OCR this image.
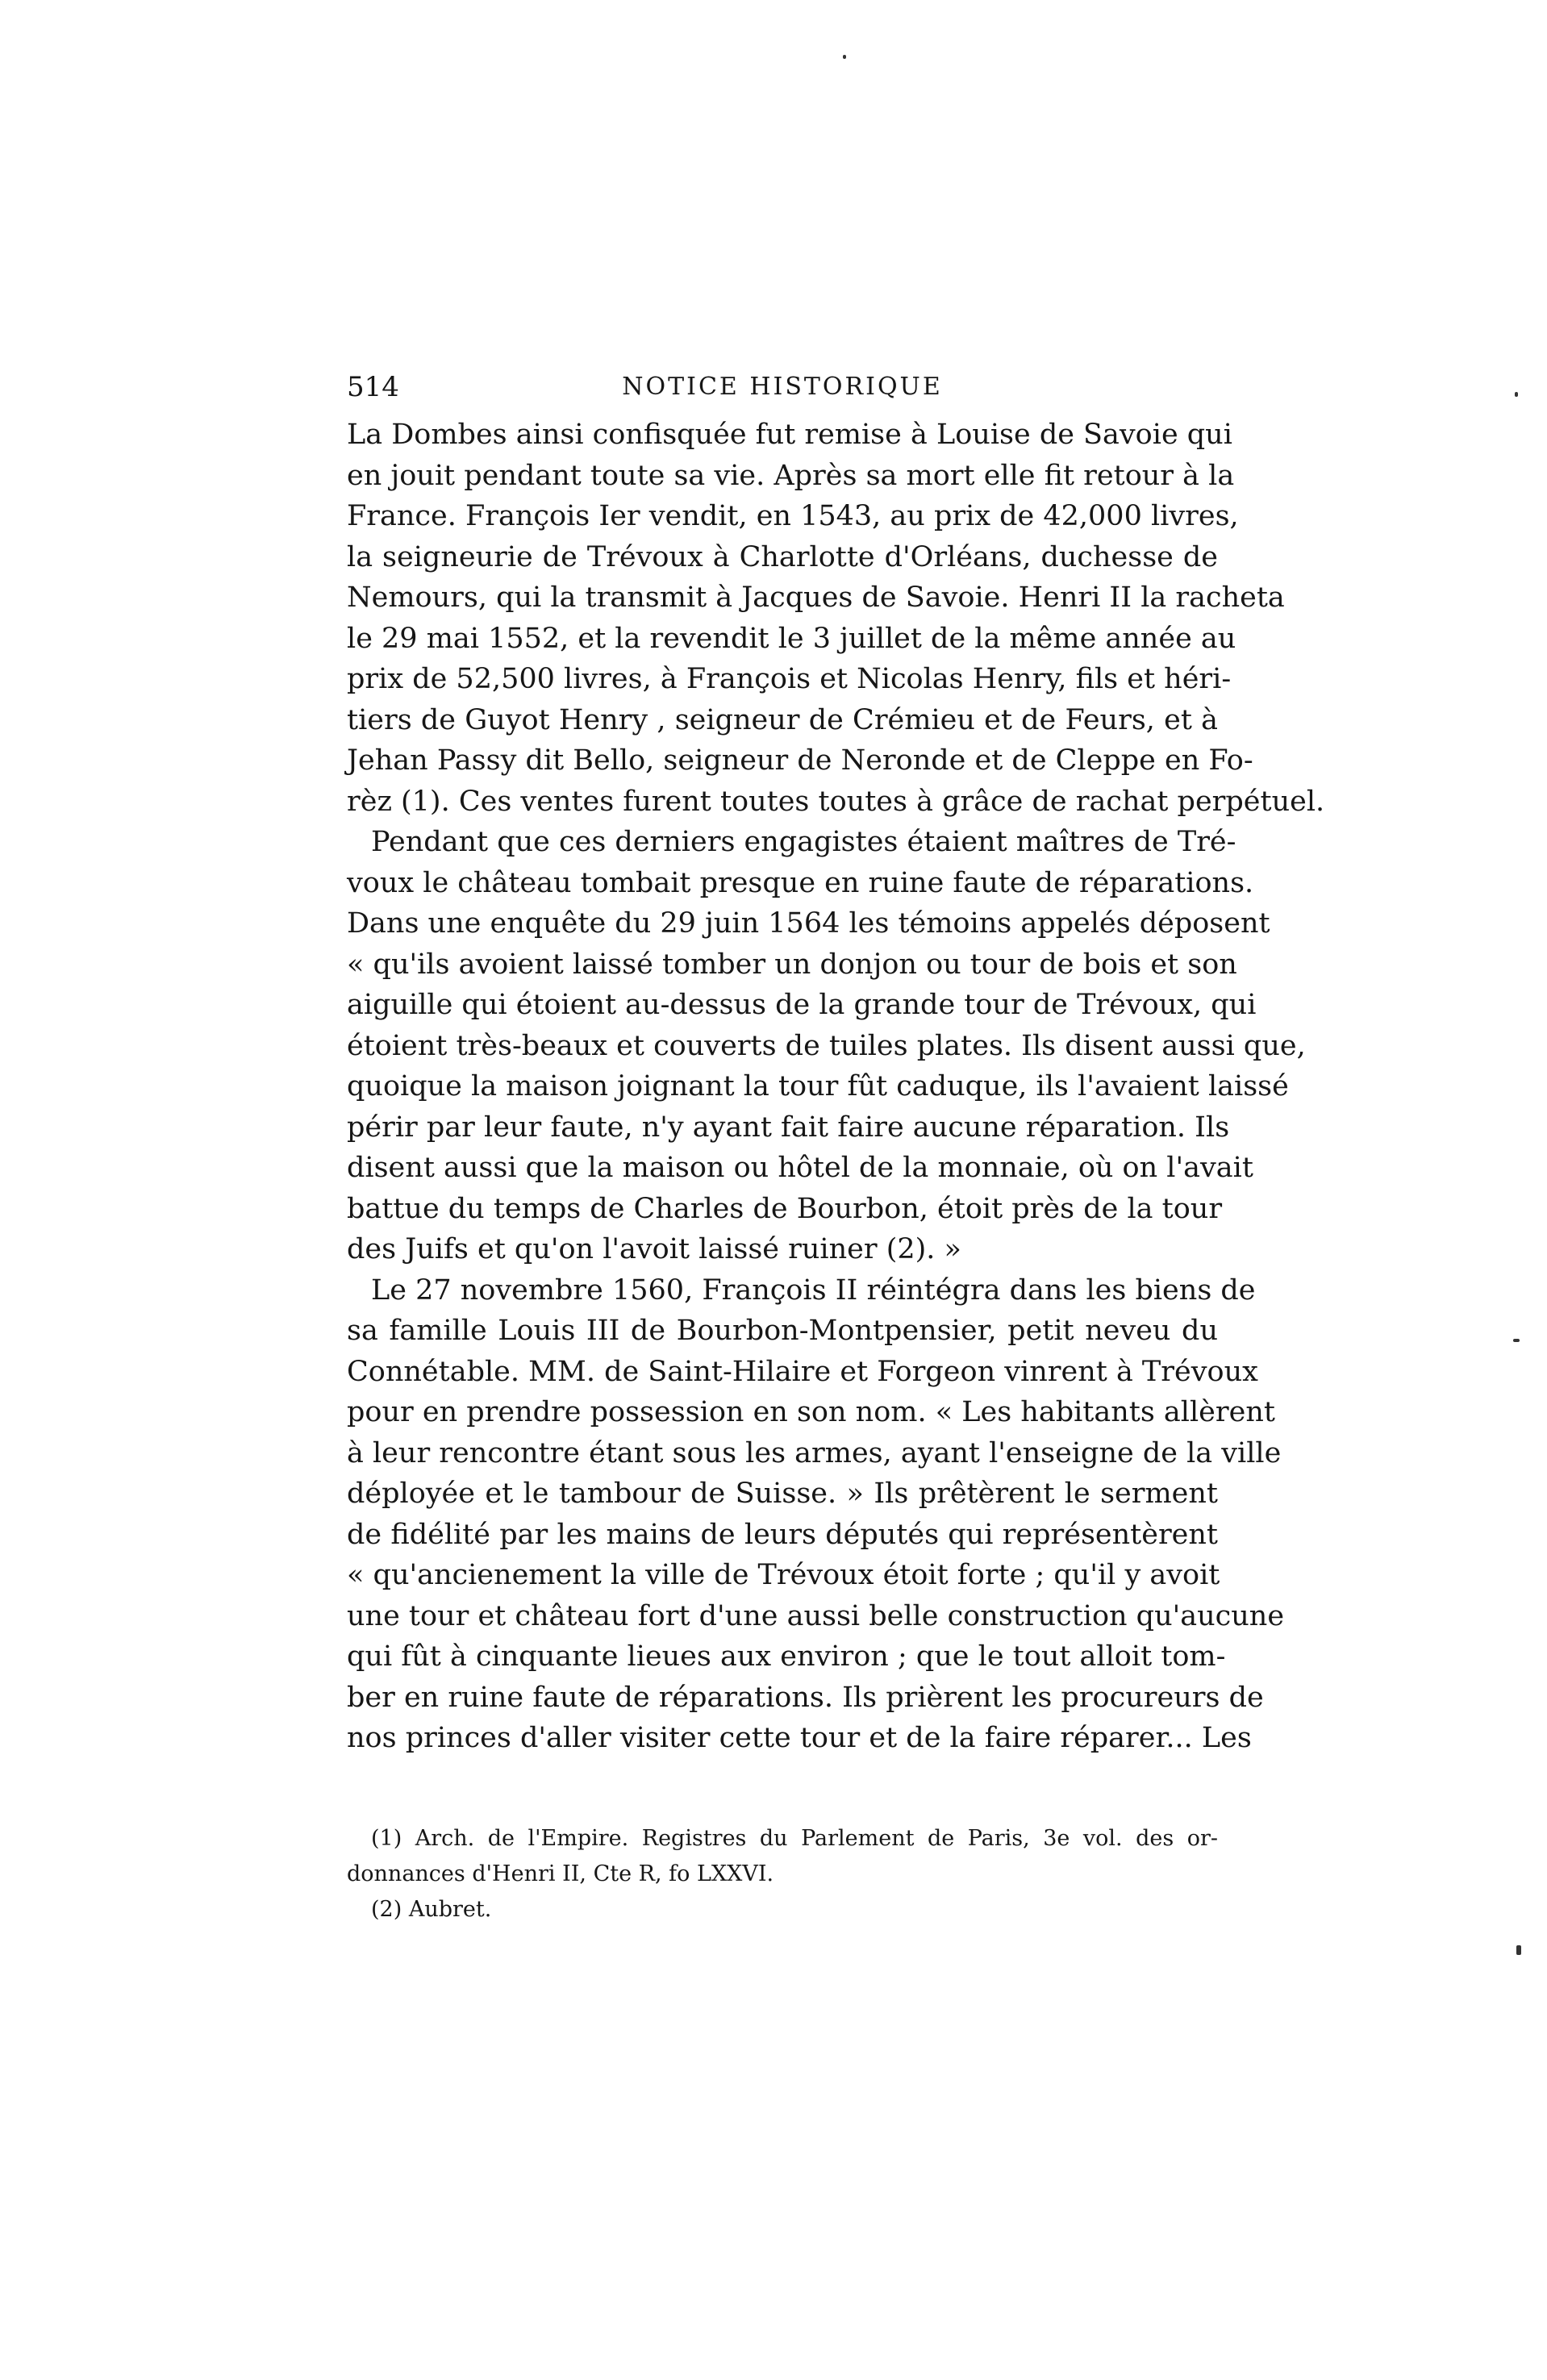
514	NOTICE HISTORIQUE
La Dombes ainsi confisquée fut remise à Louise de Savoie qui
en jouit pendant toute sa vie. Après sa mort elle fit retour à la
France. François Ier vendit, en 1543, au prix de 42,000 livres,
la seigneurie de Trévoux à Charlotte d'Orléans, duchesse de
Nemours, qui la transmit à Jacques de Savoie. Henri II la racheta
le 29 mai 1552, et la revendit le 3 juillet de la même année au
prix de 52,500 livres, à François et Nicolas Henry, fils et héri-
tiers de Guyot Henry , seigneur de Crémieu et de Feurs, et à
Jehan Passy dit Bello, seigneur de Neronde et de Cleppe en Fo-
rèz (1). Ces ventes furent toutes toutes à grâce de rachat perpétuel.
Pendant que ces derniers engagistes étaient maîtres de Tré-
voux le château tombait presque en ruine faute de réparations.
Dans une enquête du 29 juin 1564 les témoins appelés déposent
« qu'ils avoient laissé tomber un donjon ou tour de bois et son
aiguille qui étoient au-dessus de la grande tour de Trévoux, qui
étoient très-beaux et couverts de tuiles plates. Ils disent aussi que,
quoique la maison joignant la tour fût caduque, ils l'avaient laissé
périr par leur faute, n'y ayant fait faire aucune réparation. Ils
disent aussi que la maison ou hôtel de la monnaie, où on l'avait
battue du temps de Charles de Bourbon, étoit près de la tour
des Juifs et qu'on l'avoit laissé ruiner (2). »
Le 27 novembre 1560, François II réintégra dans les biens de
sa famille Louis III de Bourbon-Montpensier, petit neveu du
Connétable. MM. de Saint-Hilaire et Forgeon vinrent à Trévoux
pour en prendre possession en son nom. « Les habitants allèrent
à leur rencontre étant sous les armes, ayant l'enseigne de la ville
déployée et le tambour de Suisse. » Ils prêtèrent le serment
de fidélité par les mains de leurs députés qui représentèrent
« qu'ancienement la ville de Trévoux étoit forte ; qu'il y avoit
une tour et château fort d'une aussi belle construction qu'aucune
qui fût à cinquante lieues aux environ ; que le tout alloit tom-
ber en ruine faute de réparations. Ils prièrent les procureurs de
nos princes d'aller visiter cette tour et de la faire réparer... Les
(1) Arch. de l'Empire. Registres du Parlement de Paris, 3e vol. des or-
donnances d'Henri II, Cte R, fo LXXVI.
(2) Aubret.
